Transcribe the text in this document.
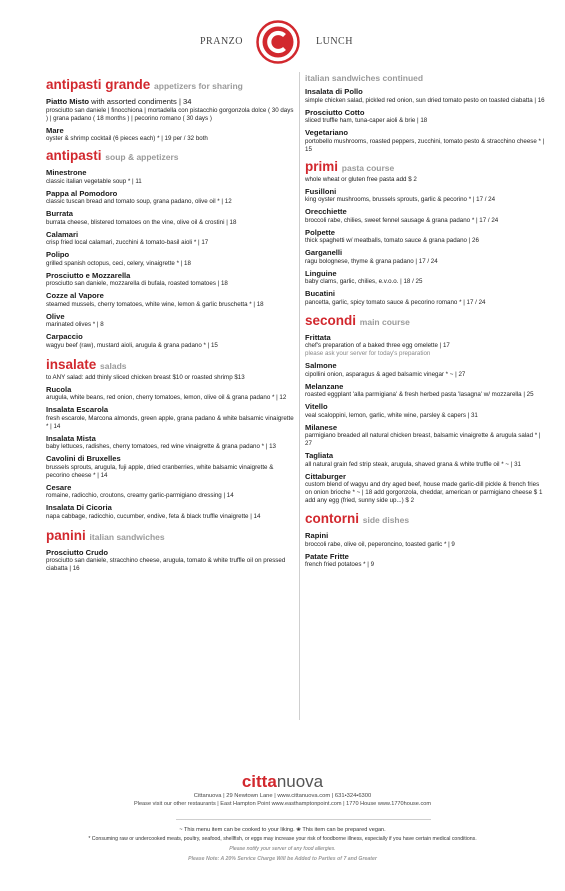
PRANZO	LUNCH
antipasti grande appetizers for sharing
Piatto Misto with assorted condiments | 34
prosciutto san daniele | finocchiona | mortadella con pistacchio gorgonzola dolce ( 30 days ) | grana padano ( 18 months ) | pecorino romano ( 30 days )
Mare
oyster & shrimp cocktail (6 pieces each) * | 19 per / 32 both
antipasti soup & appetizers
Minestrone
classic italian vegetable soup * | 11
Pappa al Pomodoro
classic tuscan bread and tomato soup, grana padano, olive oil * | 12
Burrata
burrata cheese, blistered tomatoes on the vine, olive oil & crostini | 18
Calamari
crisp fried local calamari, zucchini & tomato-basil aioli * | 17
Polipo
grilled spanish octopus, ceci, celery, vinaigrette * | 18
Prosciutto e Mozzarella
prosciutto san daniele, mozzarella di bufala, roasted tomatoes | 18
Cozze al Vapore
steamed mussels, cherry tomatoes, white wine, lemon & garlic bruschetta * | 18
Olive
marinated olives * | 8
Carpaccio
wagyu beef (raw), mustard aioli, arugula & grana padano * | 15
insalate salads
to ANY salad: add thinly sliced chicken breast $10 or roasted shrimp $13
Rucola
arugula, white beans, red onion, cherry tomatoes, lemon, olive oil & grana padano * | 12
Insalata Escarola
fresh escarole, Marcona almonds, green apple, grana padano & white balsamic vinaigrette * | 14
Insalata Mista
baby lettuces, radishes, cherry tomatoes, red wine vinaigrette & grana padano * | 13
Cavolini di Bruxelles
brussels sprouts, arugula, fuji apple, dried cranberries, white balsamic vinaigrette & pecorino cheese * | 14
Cesare
romaine, radicchio, croutons, creamy garlic-parmigiano dressing | 14
Insalata Di Cicoria
napa cabbage, radicchio, cucumber, endive, feta & black truffle vinaigrette | 14
panini italian sandwiches
Prosciutto Crudo
prosciutto san daniele, stracchino cheese, arugula, tomato & white truffle oil on pressed ciabatta | 16
italian sandwiches continued
Insalata di Pollo
simple chicken salad, pickled red onion, sun dried tomato pesto on toasted ciabatta | 16
Prosciutto Cotto
sliced truffle ham, tuna-caper aioli & brie | 18
Vegetariano
portobello mushrooms, roasted peppers, zucchini, tomato pesto & stracchino cheese * | 15
primi pasta course
whole wheat or gluten free pasta add $ 2
Fusilloni
king oyster mushrooms, brussels sprouts, garlic & pecorino * | 17 / 24
Orecchiette
broccoli rabe, chilies, sweet fennel sausage & grana padano * | 17 / 24
Polpette
thick spaghetti w/ meatballs, tomato sauce & grana padano | 26
Garganelli
ragu bolognese, thyme & grana padano | 17 / 24
Linguine
baby clams, garlic, chilies, e.v.o.o. | 18 / 25
Bucatini
pancetta, garlic, spicy tomato sauce & pecorino romano * | 17 / 24
secondi main course
Frittata
chef's preparation of a baked three egg omelette | 17
please ask your server for today's preparation
Salmone
cipollini onion, asparagus & aged balsamic vinegar * ~ | 27
Melanzane
roasted eggplant 'alla parmigiana' & fresh herbed pasta 'lasagna' w/ mozzarella | 25
Vitello
veal scaloppini, lemon, garlic, white wine, parsley & capers | 31
Milanese
parmigiano breaded all natural chicken breast, balsamic vinaigrette & arugula salad * | 27
Tagliata
all natural grain fed strip steak, arugula, shaved grana & white truffle oil * ~ | 31
Cittaburger
custom blend of wagyu and dry aged beef, house made garlic-dill pickle & french fries on onion brioche * ~ | 18 add gorgonzola, cheddar, american or parmigiano cheese $ 1 add any egg (fried, sunny side up...) $ 2
contorni side dishes
Rapini
broccoli rabe, olive oil, peperoncino, toasted garlic * | 9
Patate Fritte
french fried potatoes * | 9
cittanuova
Cittanuova | 29 Newtown Lane | www.cittanuova.com | 631•324•6300
Please visit our other restaurants | East Hampton Point www.easthamptonpoint.com | 1770 House www.1770house.com
~ This menu item can be cooked to your liking. ❀ This item can be prepared vegan.
* Consuming raw or undercooked meats, poultry, seafood, shellfish, or eggs may increase your risk of foodborne illness, especially if you have certain medical conditions.
Please notify your server of any food allergies.
Please Note: A 20% Service Charge Will be Added to Parties of 7 and Greater
